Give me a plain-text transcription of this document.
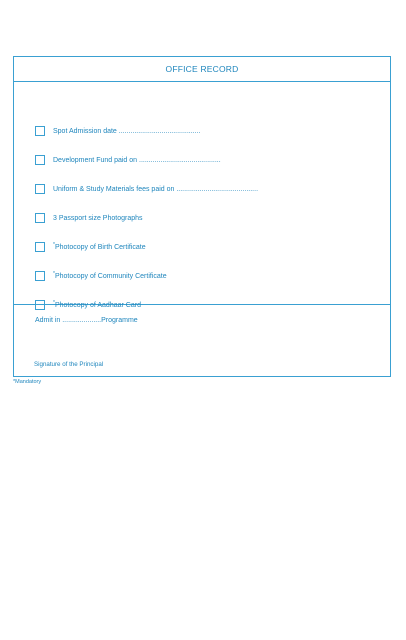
OFFICE RECORD
Spot Admission date ..........................................
Development Fund paid on ..........................................
Uniform & Study Materials fees paid on ..........................................
3 Passport size Photographs
* Photocopy of Birth Certificate
* Photocopy of Community Certificate
* Photocopy of Aadhaar Card
Admit in ....................Programme
Signature of the Principal
*Mandatory
